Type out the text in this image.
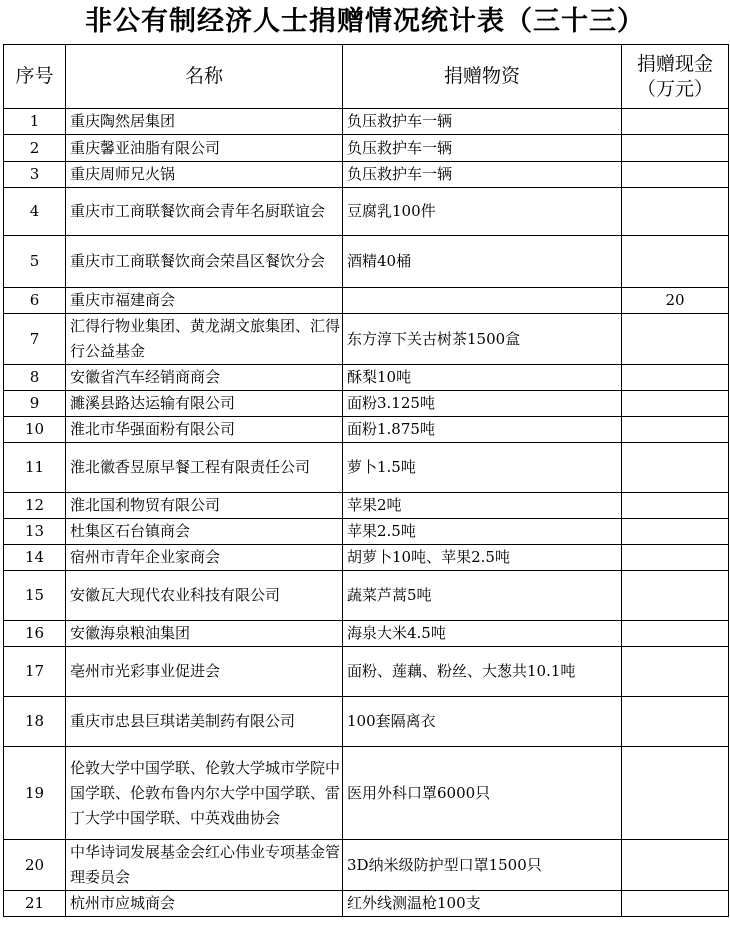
非公有制经济人士捐赠情况统计表（三十三）
序号	名称	捐赠物资	捐赠现金（万元）
1	重庆陶然居集团	负压救护车一辆	
2	重庆馨亚油脂有限公司	负压救护车一辆	
3	重庆周师兄火锅	负压救护车一辆	
4	重庆市工商联餐饮商会青年名厨联谊会	豆腐乳100件	
5	重庆市工商联餐饮商会荣昌区餐饮分会	酒精40桶	
6	重庆市福建商会		20
7	汇得行物业集团、黄龙湖文旅集团、汇得行公益基金	东方淳下关古树茶1500盒	
8	安徽省汽车经销商商会	酥梨10吨	
9	濉溪县路达运输有限公司	面粉3.125吨	
10	淮北市华强面粉有限公司	面粉1.875吨	
11	淮北徽香昱原早餐工程有限责任公司	萝卜1.5吨	
12	淮北国利物贸有限公司	苹果2吨	
13	杜集区石台镇商会	苹果2.5吨	
14	宿州市青年企业家商会	胡萝卜10吨、苹果2.5吨	
15	安徽瓦大现代农业科技有限公司	蔬菜芦蒿5吨	
16	安徽海泉粮油集团	海泉大米4.5吨	
17	亳州市光彩事业促进会	面粉、莲藕、粉丝、大葱共10.1吨	
18	重庆市忠县巨琪诺美制药有限公司	100套隔离衣	
19	伦敦大学中国学联、伦敦大学城市学院中国学联、伦敦布鲁内尔大学中国学联、雷丁大学中国学联、中英戏曲协会	医用外科口罩6000只	
20	中华诗词发展基金会红心伟业专项基金管理委员会	3D纳米级防护型口罩1500只	
21	杭州市应城商会	红外线测温枪100支	
